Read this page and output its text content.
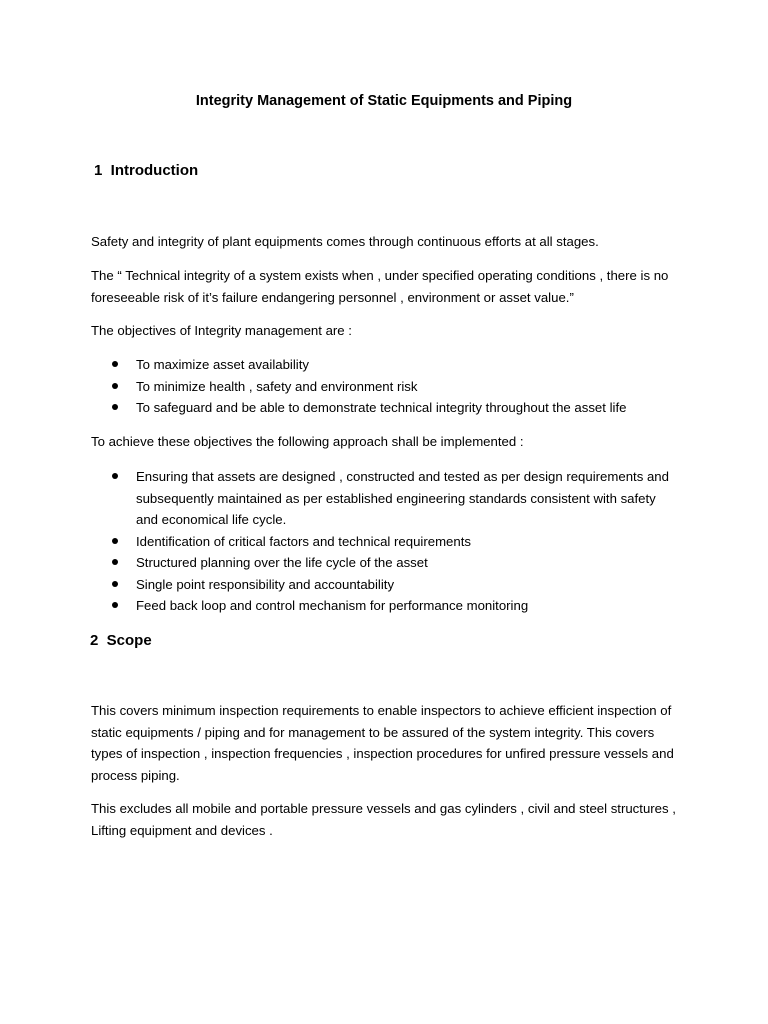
Integrity Management of Static Equipments and Piping
1  Introduction

Safety and integrity of plant equipments comes through continuous efforts at all stages.

The “ Technical integrity of a system exists when , under specified operating conditions , there is no foreseeable risk of it’s failure endangering personnel , environment or asset value.”

The objectives of Integrity management are :

To maximize asset availability
To minimize health , safety and environment risk
To safeguard and be able to demonstrate technical integrity throughout the asset life

To achieve these objectives the following approach shall be implemented :

Ensuring that assets are designed , constructed and tested as per design requirements and subsequently maintained as per established engineering standards consistent with safety and economical life cycle.
Identification of critical factors and technical requirements
Structured planning over the life cycle of the asset
Single point responsibility and accountability
Feed back loop and control mechanism for performance monitoring
2  Scope

This covers minimum inspection requirements to enable inspectors to achieve efficient inspection of static equipments / piping and for management to be assured of the system integrity. This covers types of inspection , inspection frequencies , inspection procedures for unfired pressure vessels and process piping.

This excludes all mobile and portable pressure vessels and gas cylinders , civil and steel structures , Lifting equipment and devices .
